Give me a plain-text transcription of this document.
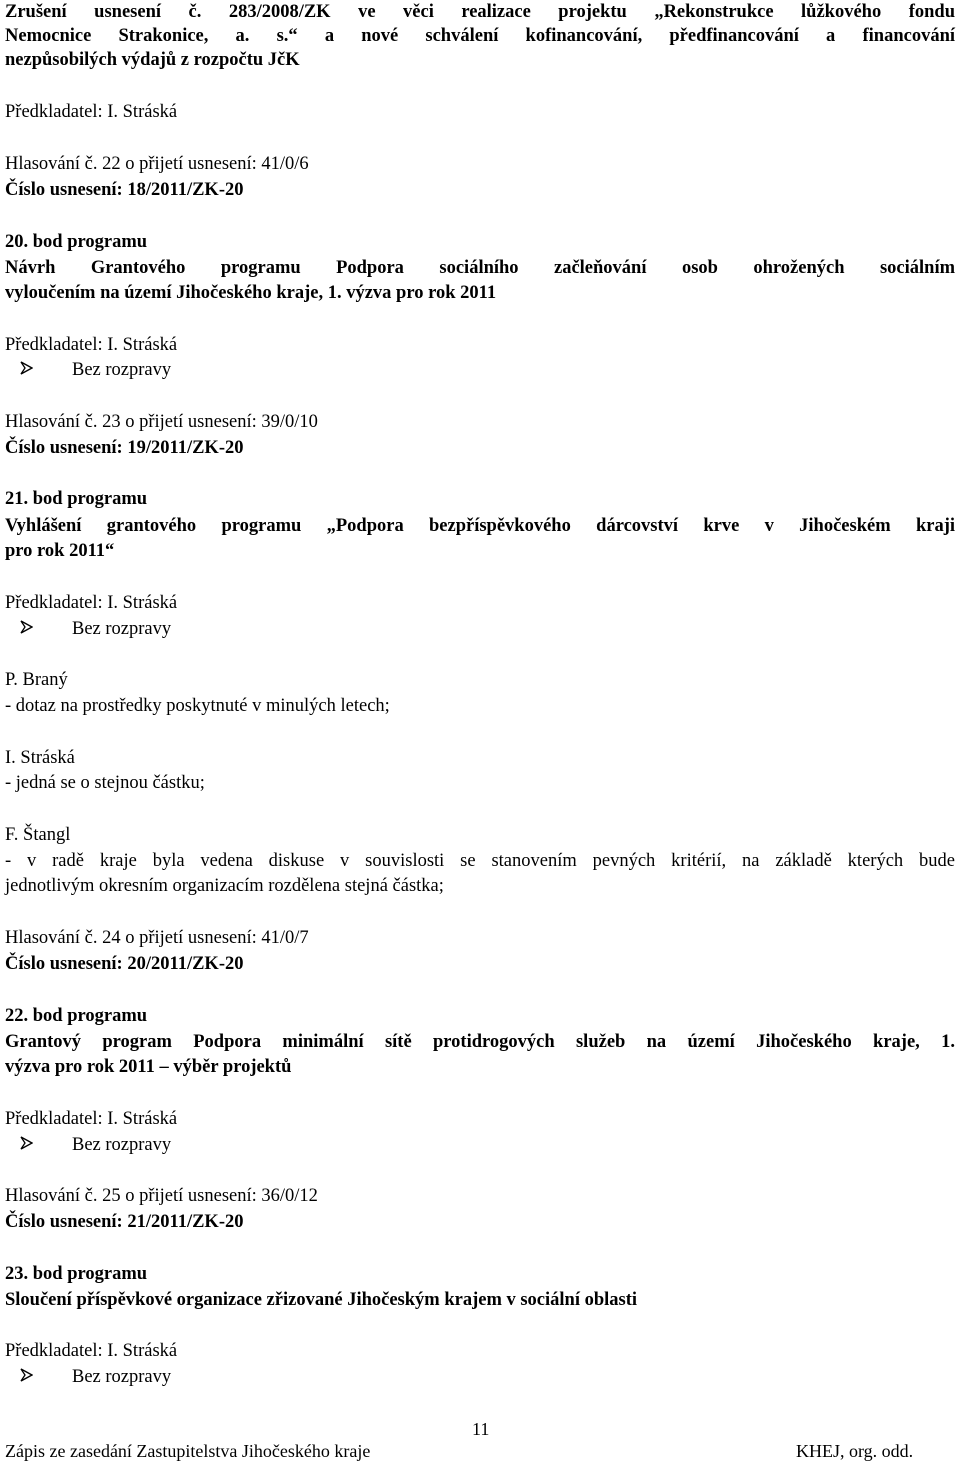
Zrušení usnesení č. 283/2008/ZK ve věci realizace projektu „Rekonstrukce lůžkového fondu
Nemocnice Strakonice, a. s.“ a nové schválení kofinancování, předfinancování a financování
nezpůsobilých výdajů z rozpočtu JčK
Předkladatel: I. Stráská
Hlasování č. 22 o přijetí usnesení: 41/0/6
Číslo usnesení: 18/2011/ZK-20
20. bod programu
Návrh Grantového programu Podpora sociálního začleňování osob ohrožených sociálním
vyloučením na území Jihočeského kraje, 1. výzva pro rok 2011
Předkladatel: I. Stráská
Bez rozpravy
Hlasování č. 23 o přijetí usnesení: 39/0/10
Číslo usnesení: 19/2011/ZK-20
21. bod programu
Vyhlášení grantového programu „Podpora bezpříspěvkového dárcovství krve v Jihočeském kraji
pro rok 2011“
Předkladatel: I. Stráská
Bez rozpravy
P. Braný
- dotaz na prostředky poskytnuté v minulých letech;
I. Stráská
- jedná se o stejnou částku;
F. Štangl
- v radě kraje byla vedena diskuse v souvislosti se stanovením pevných kritérií, na základě kterých bude
jednotlivým okresním organizacím rozdělena stejná částka;
Hlasování č. 24 o přijetí usnesení: 41/0/7
Číslo usnesení: 20/2011/ZK-20
22. bod programu
Grantový program Podpora minimální sítě protidrogových služeb na území Jihočeského kraje, 1.
výzva pro rok 2011 – výběr projektů
Předkladatel: I. Stráská
Bez rozpravy
Hlasování č. 25 o přijetí usnesení: 36/0/12
Číslo usnesení: 21/2011/ZK-20
23. bod programu
Sloučení příspěvkové organizace zřizované Jihočeským krajem v sociální oblasti
Předkladatel: I. Stráská
Bez rozpravy
11
Zápis ze zasedání Zastupitelstva Jihočeského kraje	KHEJ, org. odd.
